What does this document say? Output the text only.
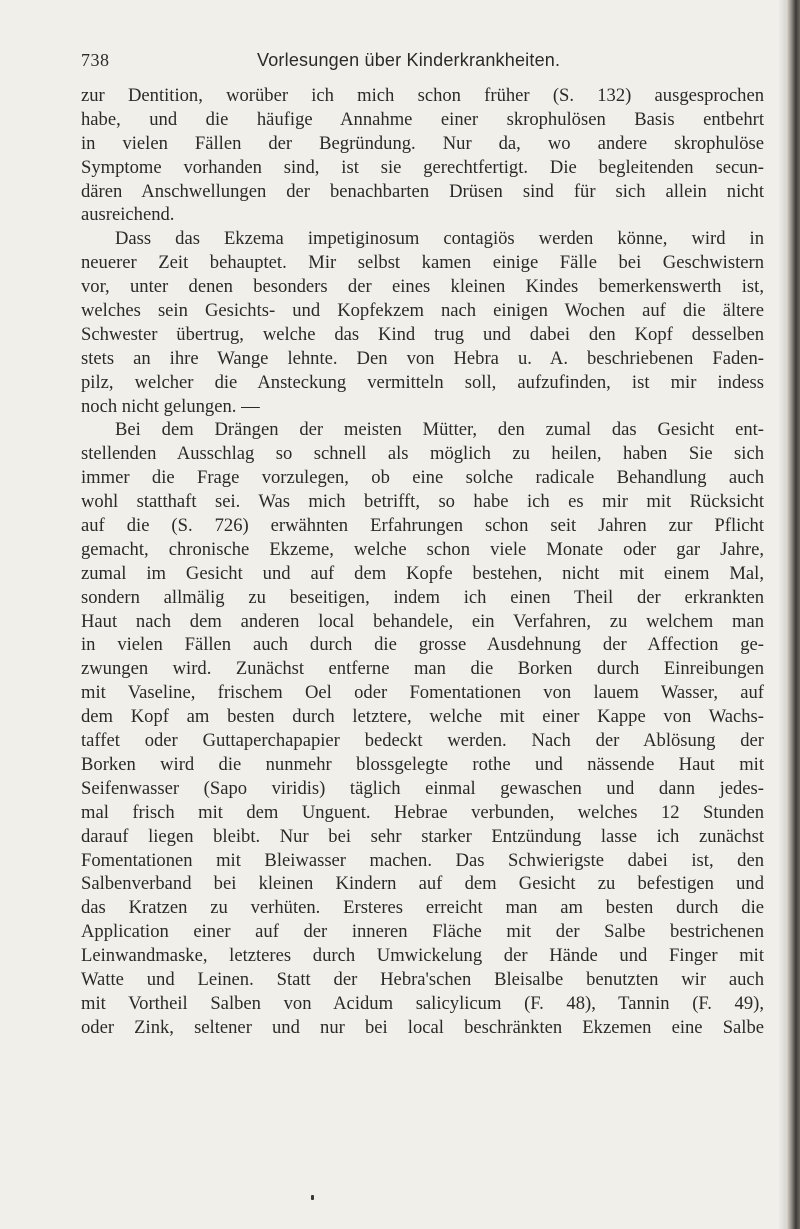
738	Vorlesungen über Kinderkrankheiten.
zur Dentition, worüber ich mich schon früher (S. 132) ausgesprochen
habe, und die häufige Annahme einer skrophulösen Basis entbehrt
in vielen Fällen der Begründung. Nur da, wo andere skrophulöse
Symptome vorhanden sind, ist sie gerechtfertigt. Die begleitenden secun-
dären Anschwellungen der benachbarten Drüsen sind für sich allein nicht
ausreichend.
Dass das Ekzema impetiginosum contagiös werden könne, wird in
neuerer Zeit behauptet. Mir selbst kamen einige Fälle bei Geschwistern
vor, unter denen besonders der eines kleinen Kindes bemerkenswerth ist,
welches sein Gesichts- und Kopfekzem nach einigen Wochen auf die ältere
Schwester übertrug, welche das Kind trug und dabei den Kopf desselben
stets an ihre Wange lehnte. Den von Hebra u. A. beschriebenen Faden-
pilz, welcher die Ansteckung vermitteln soll, aufzufinden, ist mir indess
noch nicht gelungen. —
Bei dem Drängen der meisten Mütter, den zumal das Gesicht ent-
stellenden Ausschlag so schnell als möglich zu heilen, haben Sie sich
immer die Frage vorzulegen, ob eine solche radicale Behandlung auch
wohl statthaft sei. Was mich betrifft, so habe ich es mir mit Rücksicht
auf die (S. 726) erwähnten Erfahrungen schon seit Jahren zur Pflicht
gemacht, chronische Ekzeme, welche schon viele Monate oder gar Jahre,
zumal im Gesicht und auf dem Kopfe bestehen, nicht mit einem Mal,
sondern allmälig zu beseitigen, indem ich einen Theil der erkrankten
Haut nach dem anderen local behandele, ein Verfahren, zu welchem man
in vielen Fällen auch durch die grosse Ausdehnung der Affection ge-
zwungen wird. Zunächst entferne man die Borken durch Einreibungen
mit Vaseline, frischem Oel oder Fomentationen von lauem Wasser, auf
dem Kopf am besten durch letztere, welche mit einer Kappe von Wachs-
taffet oder Guttaperchapapier bedeckt werden. Nach der Ablösung der
Borken wird die nunmehr blossgelegte rothe und nässende Haut mit
Seifenwasser (Sapo viridis) täglich einmal gewaschen und dann jedes-
mal frisch mit dem Unguent. Hebrae verbunden, welches 12 Stunden
darauf liegen bleibt. Nur bei sehr starker Entzündung lasse ich zunächst
Fomentationen mit Bleiwasser machen. Das Schwierigste dabei ist, den
Salbenverband bei kleinen Kindern auf dem Gesicht zu befestigen und
das Kratzen zu verhüten. Ersteres erreicht man am besten durch die
Application einer auf der inneren Fläche mit der Salbe bestrichenen
Leinwandmaske, letzteres durch Umwickelung der Hände und Finger mit
Watte und Leinen. Statt der Hebra'schen Bleisalbe benutzten wir auch
mit Vortheil Salben von Acidum salicylicum (F. 48), Tannin (F. 49),
oder Zink, seltener und nur bei local beschränkten Ekzemen eine Salbe
